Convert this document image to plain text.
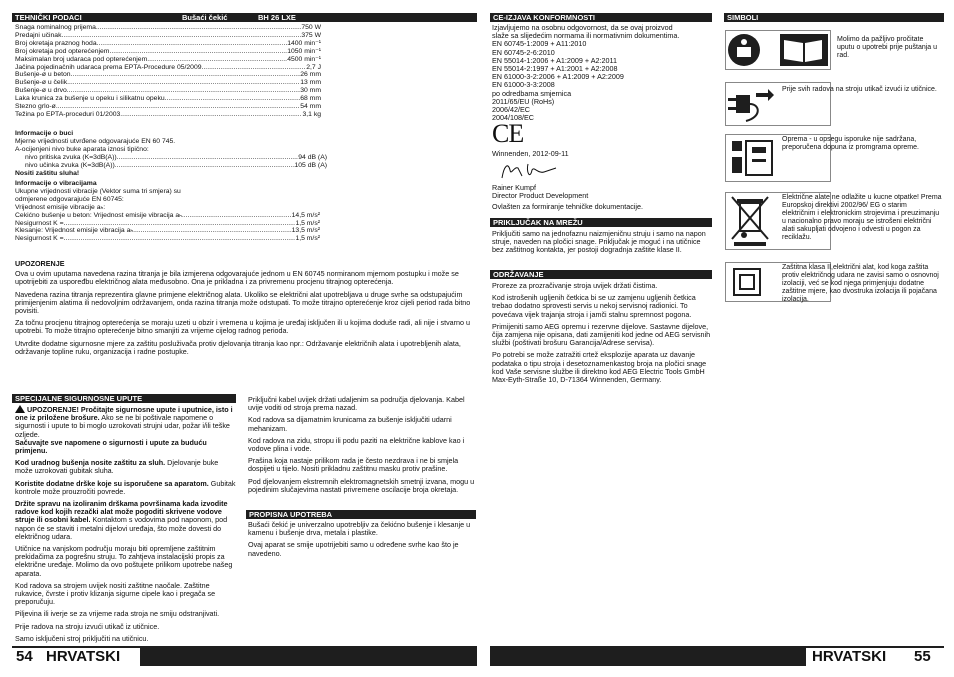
TEHNIČKI PODACI	Bušaći čekić	BH 26 LXE
Snaga nominalnog prijema .....	750 W
Predajni učinak .....	375 W
Broj okretaja praznog hoda .....	1400 min⁻¹
Broj okretaja pod opterećenjem .....	1050 min⁻¹
Maksimalan broj udaraca pod opterećenjem .....	4500 min⁻¹
Jačina pojedinačnih udaraca prema EPTA-Procedure 05/2009 .....	2,7 J
Bušenje-ø u beton .....	26 mm
Bušenje-ø u čelik .....	13 mm
Bušenje-ø u drvo .....	30 mm
Laka krunica za bušenje u opeku i silikatnu opeku .....	68 mm
Stezno grlo-ø .....	54 mm
Težina po EPTA-proceduri 01/2003 .....	3,1 kg
Informacije o buci
Mjerne vrijednosti utvrđene odgovarajuće EN 60 745.
A-ocijenjeni nivo buke aparata iznosi tipično:
nivo pritiska zvuka (K=3dB(A)) .....	94 dB (A)
nivo učinka zvuka (K=3dB(A)) .....	105 dB (A)
Nositi zaštitu sluha!
Informacije o vibracijama
Ukupne vrijednosti vibracije (Vektor suma tri smjera) su
odmjerene odgovarajuće EN 60745:
Vrijednost emisije vibracije aₕ:
Čekićno bušenje u beton: Vrijednost emisije vibracija aₕ .....	14,5 m/s²
Nesigurnost K = .....	1,5 m/s²
Klesanje: Vrijednost emisije vibracija aₕ .....	13,5 m/s²
Nesigurnost K = .....	1,5 m/s²
UPOZORENJE

Ova u ovim uputama navedena razina titranja je bila izmjerena odgovarajuće jednom u EN 60745 normiranom mjernom postupku i može se upotrijebiti za uspoređbu električnog alata međusobno. Ona je prikladna i za privremenu procjenu titrajnog opterećenja.

Navedena razina titranja reprezentira glavne primjene električnog alata. Ukoliko se električni alat upotrebljava u druge svrhe sa odstupajućim primijenjenim alatima ili nedovoljnim održavanjem, onda razina titranja može odstupati. To može titrajno opterećenje kroz cijeli period rada bitno povisiti.

Za točnu procjenu titrajnog opterećenja se moraju uzeti u obzir i vremena u kojima je uređaj isključen ili u kojima doduše radi, ali nije i stvarno u upotrebi. To može titrajno opterećenje bitno smanjiti za vrijeme cijelog radnog perioda.

Utvrdite dodatne sigurnosne mjere za zaštitu posluživača protiv djelovanja titranja kao npr.: Održavanje električnih alata i upotrebljenih alata, održavanje topline ruku, organizacija i radne postupke.

SPECIJALNE SIGURNOSNE UPUTE

UPOZORENJE! Pročitajte sigurnosne upute i uputnice, isto i one iz priložene brošure. Ako se ne bi poštivale napomene o sigurnosti i upute to bi moglo uzrokovati strujni udar, požar i/ili teške ozljede.
Sačuvajte sve napomene o sigurnosti i upute za buduću primjenu.

Kod uradnog bušenja nosite zaštitu za sluh. Djelovanje buke može uzrokovati gubitak sluha.

Koristite dodatne drške koje su isporučene sa aparatom. Gubitak kontrole može prouzročiti povrede.

Držite spravu na izoliranim drškama površinama kada izvodite radove kod kojih rezački alat može pogoditi skrivene vodove struje ili osobni kabel. Kontaktom s vodovima pod naponom, pod napon će se staviti i metalni dijelovi uređaja, što može dovesti do električnog udara.

Utičnice na vanjskom području moraju biti opremljene zaštitnim prekidačima za pogrešnu struju. To zahtjeva instalacijski propis za električne uređaje. Molimo da ovo poštujete prilikom upotrebe našeg aparata.

Kod radova sa strojem uvijek nositi zaštitne naočale. Zaštitne rukavice, čvrste i protiv klizanja sigurne cipele kao i pregača se preporučuju.

Piljevina ili iverje se za vrijeme rada stroja ne smiju odstranjivati.

Prije radova na stroju izvući utikač iz utičnice.

Samo isključeni stroj priključiti na utičnicu.

Priključni kabel uvijek držati udaljenim sa područja djelovanja. Kabel uvije voditi od stroja prema nazad.

Kod radova sa dijamatnim krunicama za bušenje isključiti udarni mehanizam.

Kod radova na zidu, stropu ili podu paziti na električne kablove kao i vodove plina i vode.

Prašina koja nastaje prilikom rada je često nezdrava i ne bi smjela dospijeti u tijelo. Nositi prikladnu zaštitnu masku protiv prašine.

Pod djelovanjem ekstremnih elektromagnetskih smetnji izvana, mogu u pojedinim slučajevima nastati privremene oscilacije broja okretaja.

PROPISNA UPOTREBA

Bušaći čekić je univerzalno upotrebljiv za čekićno bušenje i klesanje u kamenu i bušenje drva, metala i plastike.

Ovaj aparat se smije upotrijebiti samo u određene svrhe kao što je navedeno.

54 HRVATSKI
CE-IZJAVA KONFORMNOSTI
Izjavljujemo na osobnu odgovornost, da se ovaj proizvod
slaže sa slijedećim normama ili normativnim dokumentima.
EN 60745-1:2009 + A11:2010
EN 60745-2-6:2010
EN 55014-1:2006 + A1:2009 + A2:2011
EN 55014-2:1997 + A1:2001 + A2:2008
EN 61000-3-2:2006 + A1:2009 + A2:2009
EN 61000-3-3:2008
po odredbama smjernica
2011/65/EU (RoHs)
2006/42/EC
2004/108/EC
CE
Winnenden, 2012-09-11
Rainer Kumpf
Director Product Development
Ovlašten za formiranje tehničke dokumentacije.
PRIKLJUČAK NA MREŽU

Priključiti samo na jednofaznu naizmjeničnu struju i samo na napon struje, naveden na pločici snage. Priključak je moguć i na utičnice bez zaštitnog kontakta, jer postoji dogradnja zaštite klase II.

ODRŽAVANJE

Proreze za prozračivanje stroja uvijek držati čistima.

Kod istrošenih ugljenih četkica bi se uz zamjenu ugljenih četkica trebao dodatno sprovesti servis u nekoj servisnoj radionici. To povećava vijek trajanja stroja i jamči stalnu spremnost pogona.

Primijeniti samo AEG opremu i rezervne dijelove. Sastavne dijelove, čija zamjena nije opisana, dati zamijeniti kod jedne od AEG servisnih službi (poštivati brošuru Garancija/Adrese servisa).

Po potrebi se može zatražiti crtež eksplozije aparata uz davanje podataka o tipu stroja i desetoznamenkastog broja na pločici snage kod Vaše servisne službe ili direktno kod AEG Electric Tools GmbH Max-Eyth-Straße 10, D-71364 Winnenden, Germany.

SIMBOLI
Molimo da pažljivo pročitate uputu o upotrebi prije puštanja u rad.
Prije svih radova na stroju utikač izvući iz utičnice.
Oprema - u opsegu isporuke nije sadržana, preporučena dopuna iz promgrama opreme.
Električne alate ne odlažite u kucne otpatke! Prema Europskoj direktivi 2002/96/ EG o starim električnim i elektronickim strojevima i preuzimanju u nacionalno pravo moraju se istrošeni električni alati sakupljati odvojeno i odvesti u pogon za reciklažu.
Zaštitna klasa II,električni alat, kod koga zaštita protiv električnog udara ne zavisi samo o osnovnoj izolaciji, već se kod njega primjenjuju dodatne zaštitne mjere, kao dvostruka izolacija ili pojačana izolacija.
HRVATSKI 55
